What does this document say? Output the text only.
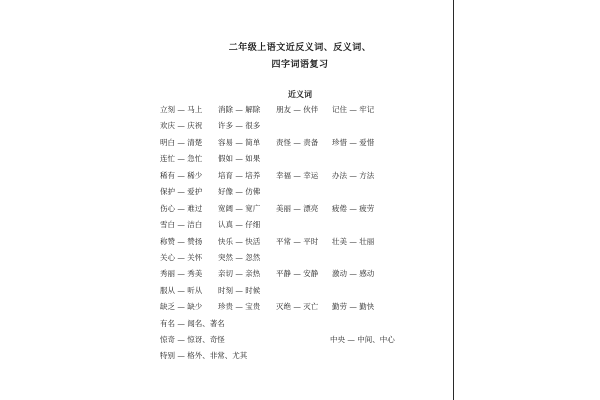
二年级上语文近反义词、反义词、
四字词语复习
近义词
立刻 — 马上 消除 — 解除 朋友 — 伙伴 记住 — 牢记
欢庆 — 庆祝 许多 — 很多
明白 — 清楚 容易 — 简单 责怪 — 责备 珍惜 — 爱惜
连忙 — 急忙 假如 — 如果
稀有 — 稀少 培育 — 培养 幸福 — 幸运 办法 — 方法
保护 — 爱护 好像 — 仿佛
伤心 — 难过 宽阔 — 宽广 美丽 — 漂亮 疲倦 — 疲劳
雪白 — 洁白 认真 — 仔细
称赞 — 赞扬 快乐 — 快活 平常 — 平时 壮美 — 壮丽
关心 — 关怀 突然 — 忽然
秀丽 — 秀美 亲切 — 亲热 平静 — 安静 激动 — 感动
服从 — 听从 时刻 — 时候
缺乏 — 缺少 珍贵 — 宝贵 灭绝 — 灭亡 勤劳 — 勤快
有名 — 闻名、著名
惊奇 — 惊讶、奇怪	中央 — 中间、中心
特别 — 格外、非常、尤其
